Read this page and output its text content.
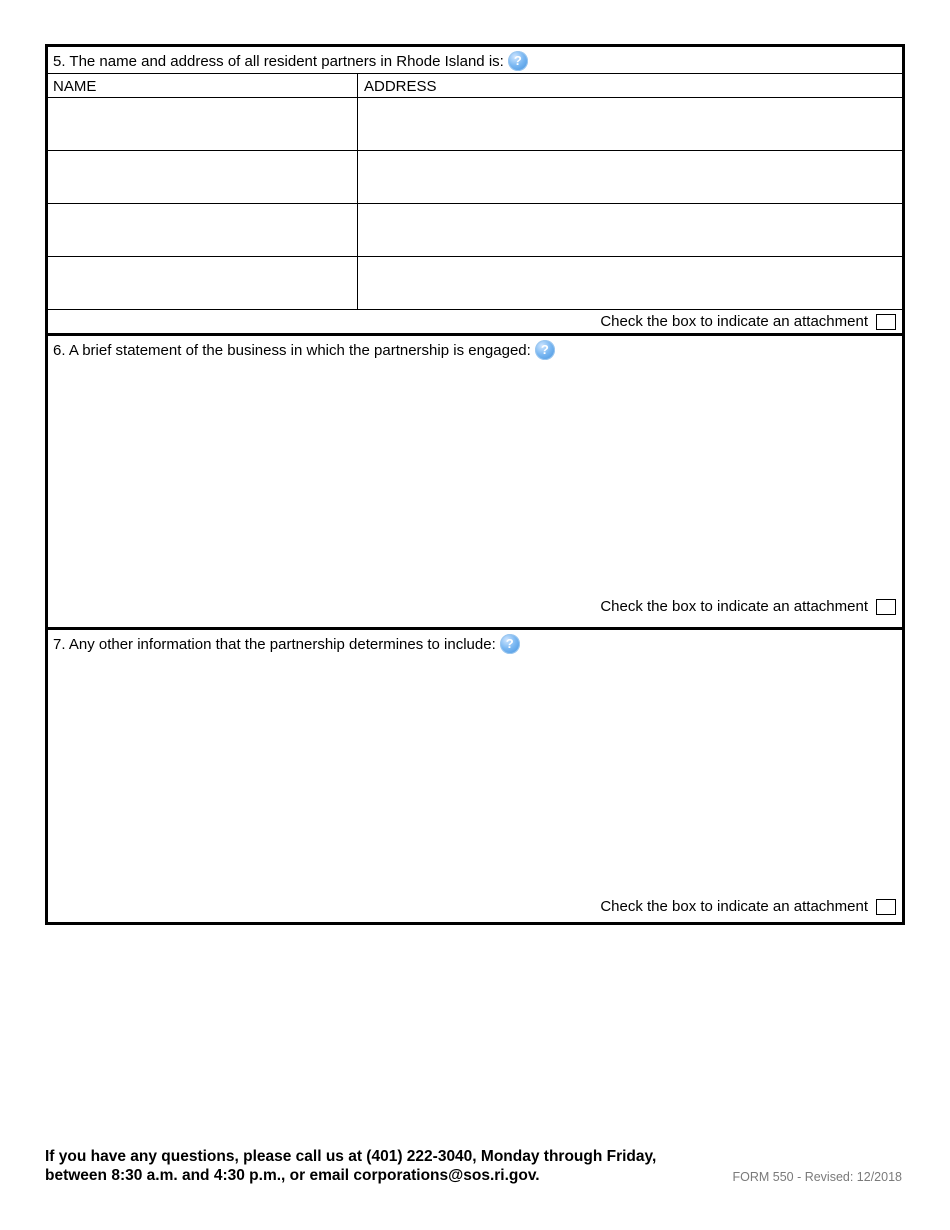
5. The name and address of all resident partners in Rhode Island is: ?
NAME	ADDRESS
Check the box to indicate an attachment
6. A brief statement of the business in which the partnership is engaged: ?
Check the box to indicate an attachment
7. Any other information that the partnership determines to include: ?
Check the box to indicate an attachment
If you have any questions, please call us at (401) 222-3040, Monday through Friday,
between 8:30 a.m. and 4:30 p.m., or email corporations@sos.ri.gov.	FORM 550 - Revised: 12/2018
